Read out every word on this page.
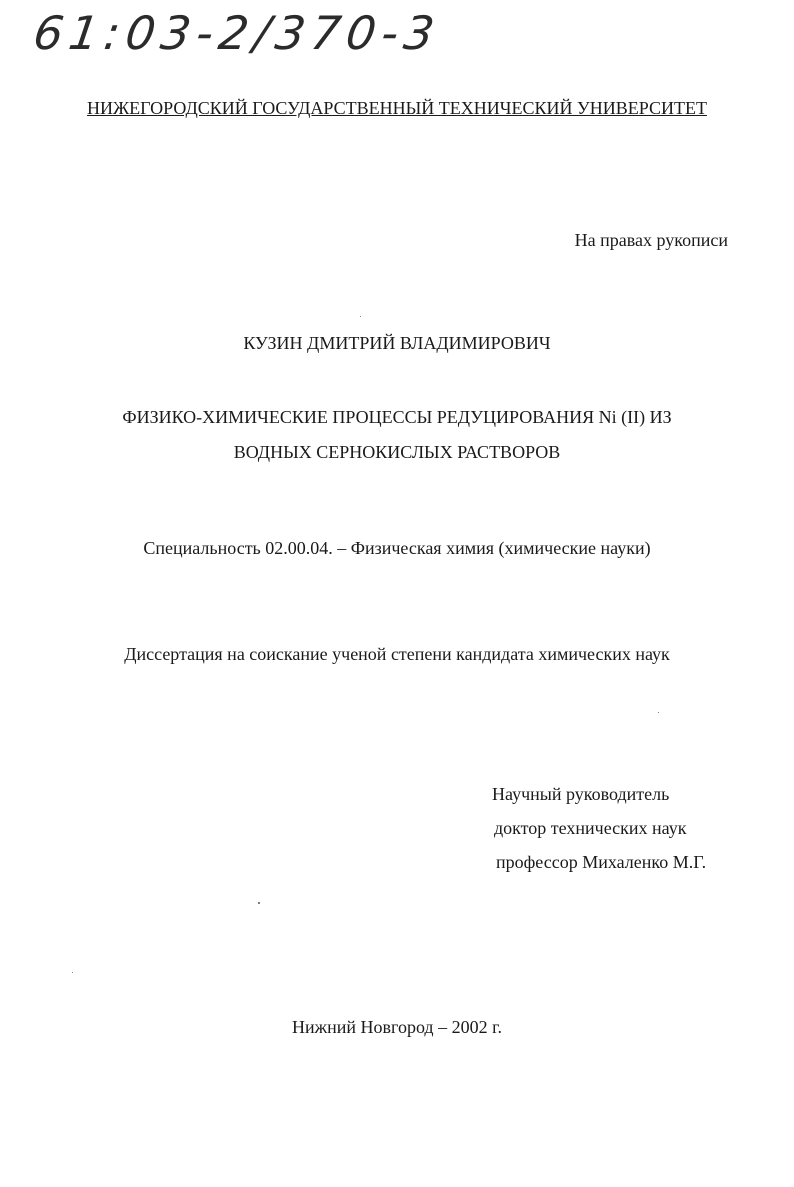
61:03-2/370-3
НИЖЕГОРОДСКИЙ ГОСУДАРСТВЕННЫЙ ТЕХНИЧЕСКИЙ УНИВЕРСИТЕТ
На правах рукописи
КУЗИН ДМИТРИЙ ВЛАДИМИРОВИЧ
ФИЗИКО-ХИМИЧЕСКИЕ ПРОЦЕССЫ РЕДУЦИРОВАНИЯ Ni (II) ИЗ
ВОДНЫХ СЕРНОКИСЛЫХ РАСТВОРОВ
Специальность 02.00.04. – Физическая химия (химические науки)
Диссертация на соискание ученой степени кандидата химических наук
Научный руководитель
доктор технических наук
профессор Михаленко М.Г.
Нижний Новгород – 2002 г.
